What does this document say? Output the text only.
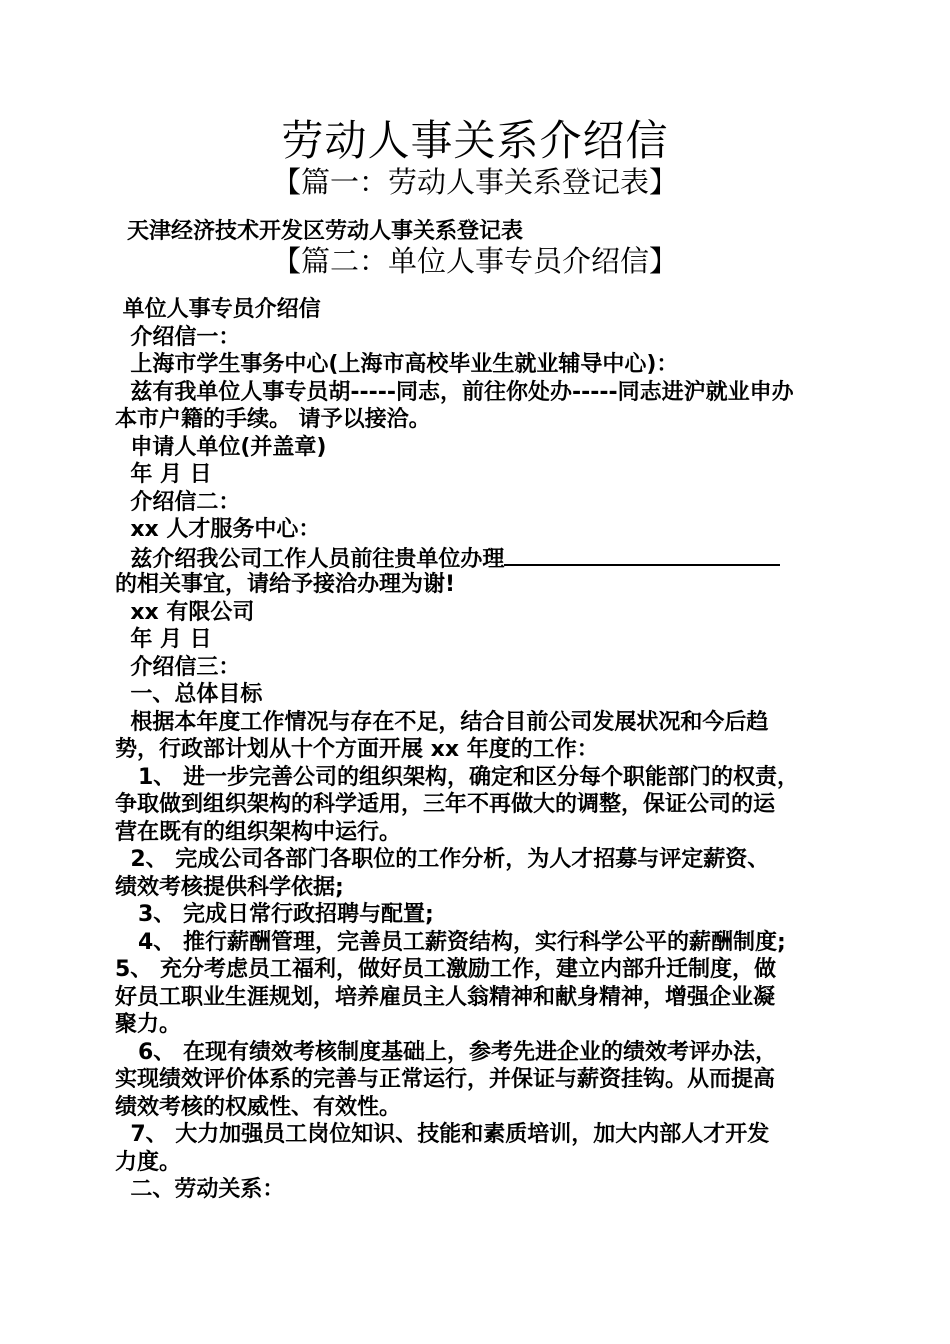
劳动人事关系介绍信

【篇一：劳动人事关系登记表】

天津经济技术开发区劳动人事关系登记表

【篇二：单位人事专员介绍信】

单位人事专员介绍信

介绍信一：

上海市学生事务中心(上海市高校毕业生就业辅导中心)：

兹有我单位人事专员胡-----同志，前往你处办-----同志进沪就业申办

本市户籍的手续。 请予以接洽。

申请人单位(并盖章)

年 月 日

介绍信二：

xx 人才服务中心：

兹介绍我公司工作人员前往贵单位办理

的相关事宜，请给予接洽办理为谢!

xx 有限公司

年 月 日

介绍信三：

一、总体目标

根据本年度工作情况与存在不足，结合目前公司发展状况和今后趋

势，行政部计划从十个方面开展 xx 年度的工作：

1、 进一步完善公司的组织架构，确定和区分每个职能部门的权责，

争取做到组织架构的科学适用，三年不再做大的调整，保证公司的运

营在既有的组织架构中运行。

2、 完成公司各部门各职位的工作分析，为人才招募与评定薪资、

绩效考核提供科学依据;

3、 完成日常行政招聘与配置;

4、 推行薪酬管理，完善员工薪资结构，实行科学公平的薪酬制度;

5、 充分考虑员工福利，做好员工激励工作，建立内部升迁制度，做

好员工职业生涯规划，培养雇员主人翁精神和献身精神，增强企业凝

聚力。

6、 在现有绩效考核制度基础上，参考先进企业的绩效考评办法，

实现绩效评价体系的完善与正常运行，并保证与薪资挂钩。从而提高

绩效考核的权威性、有效性。

7、 大力加强员工岗位知识、技能和素质培训，加大内部人才开发

力度。

二、劳动关系：
